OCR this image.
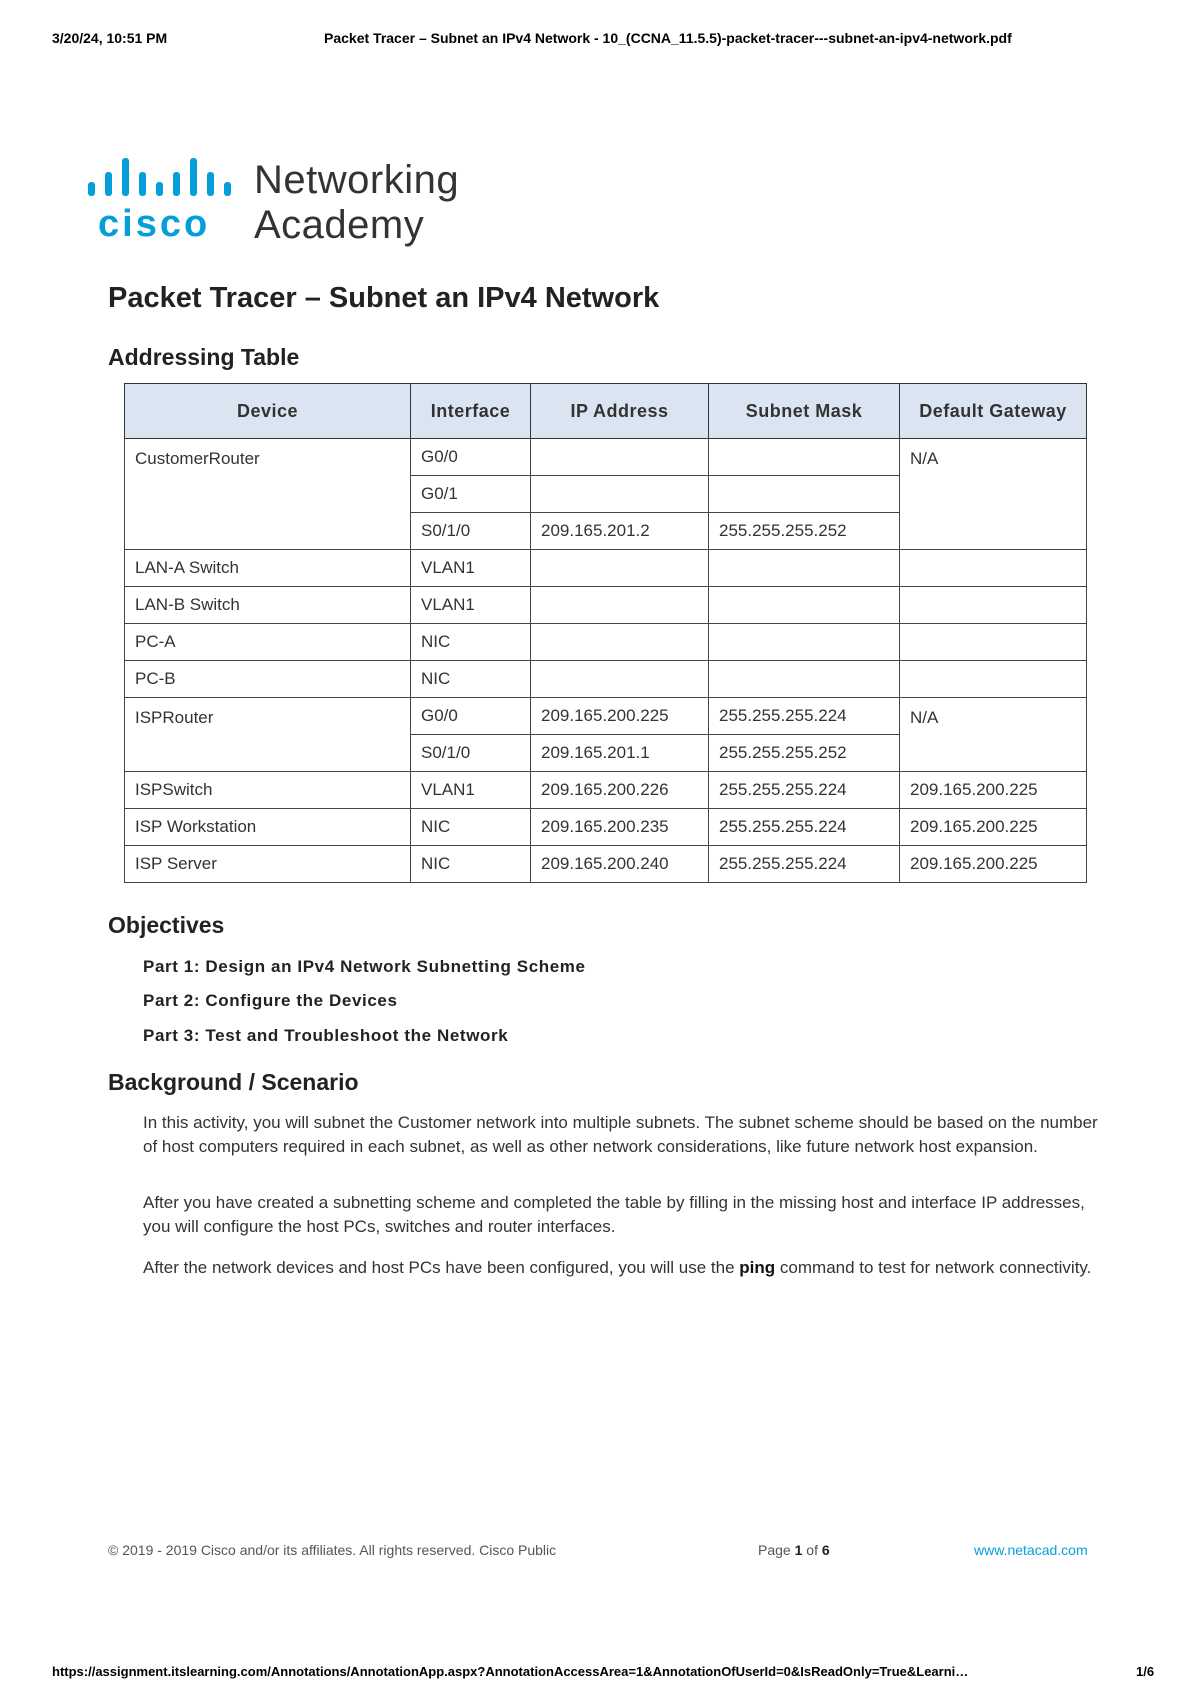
3/20/24, 10:51 PM	Packet Tracer – Subnet an IPv4 Network - 10_(CCNA_11.5.5)-packet-tracer---subnet-an-ipv4-network.pdf
Networking
cisco Academy
Packet Tracer – Subnet an IPv4 Network
Addressing Table
Device	Interface	IP Address	Subnet Mask	Default Gateway
CustomerRouter	G0/0			N/A
	G0/1			
	S0/1/0	209.165.201.2	255.255.255.252	
LAN-A Switch	VLAN1			
LAN-B Switch	VLAN1			
PC-A	NIC			
PC-B	NIC			
ISPRouter	G0/0	209.165.200.225	255.255.255.224	N/A
	S0/1/0	209.165.201.1	255.255.255.252	
ISPSwitch	VLAN1	209.165.200.226	255.255.255.224	209.165.200.225
ISP Workstation	NIC	209.165.200.235	255.255.255.224	209.165.200.225
ISP Server	NIC	209.165.200.240	255.255.255.224	209.165.200.225
Objectives
Part 1: Design an IPv4 Network Subnetting Scheme
Part 2: Configure the Devices
Part 3: Test and Troubleshoot the Network
Background / Scenario
In this activity, you will subnet the Customer network into multiple subnets. The subnet scheme should be based on the number of host computers required in each subnet, as well as other network considerations, like future network host expansion.
After you have created a subnetting scheme and completed the table by filling in the missing host and interface IP addresses, you will configure the host PCs, switches and router interfaces.
After the network devices and host PCs have been configured, you will use the ping command to test for network connectivity.
© 2019 - 2019 Cisco and/or its affiliates. All rights reserved. Cisco Public	Page 1 of 6	www.netacad.com
https://assignment.itslearning.com/Annotations/AnnotationApp.aspx?AnnotationAccessArea=1&AnnotationOfUserId=0&IsReadOnly=True&Learni…	1/6
